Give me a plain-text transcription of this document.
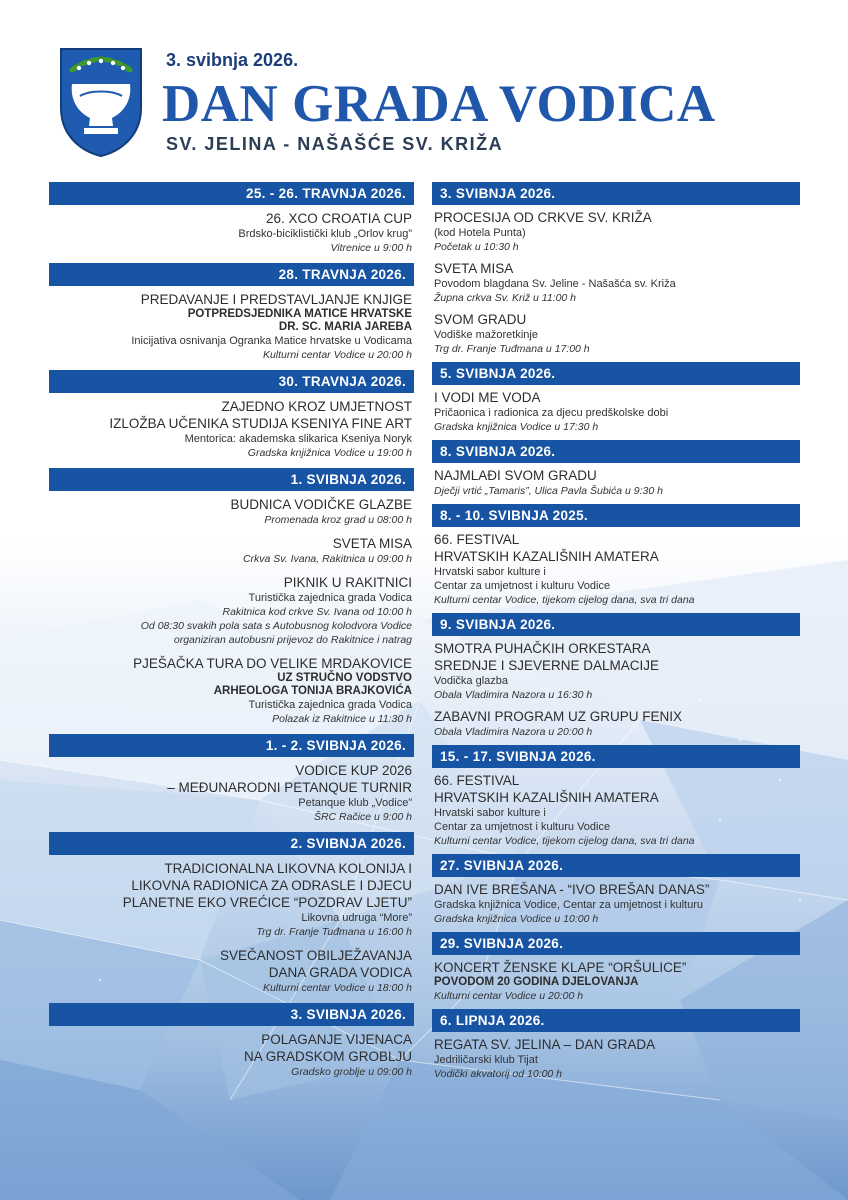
3. svibnja 2026.
DAN GRADA VODICA
SV. JELINA - NAŠAŠĆE SV. KRIŽA
25. - 26. TRAVNJA 2026.
26. XCO CROATIA CUP
Brdsko-biciklistički klub „Orlov krug”
Vitrenice u 9:00 h
28. TRAVNJA 2026.
PREDAVANJE I PREDSTAVLJANJE KNJIGE
POTPREDSJEDNIKA MATICE HRVATSKE
DR. SC. MARIA JAREBA
Inicijativa osnivanja Ogranka Matice hrvatske u Vodicama
Kulturni centar Vodice u 20:00 h
30. TRAVNJA 2026.
ZAJEDNO KROZ UMJETNOST
IZLOŽBA UČENIKA STUDIJA KSENIYA FINE ART
Mentorica: akademska slikarica Kseniya Noryk
Gradska knjižnica Vodice u 19:00 h
1. SVIBNJA 2026.
BUDNICA VODIČKE GLAZBE
Promenada kroz grad u 08:00 h
SVETA MISA
Crkva Sv. Ivana, Rakitnica u 09:00 h
PIKNIK U RAKITNICI
Turistička zajednica grada Vodica
Rakitnica kod crkve Sv. Ivana od 10:00 h
Od 08:30 svakih pola sata s Autobusnog kolodvora Vodice
organiziran autobusni prijevoz do Rakitnice i natrag
PJEŠAČKA TURA DO VELIKE MRDAKOVICE
UZ STRUČNO VODSTVO
ARHEOLOGA TONIJA BRAJKOVIĆA
Turistička zajednica grada Vodica
Polazak iz Rakitnice u 11:30 h
1. - 2. SVIBNJA 2026.
VODICE KUP 2026
– MEĐUNARODNI PETANQUE TURNIR
Petanque klub „Vodice”
ŠRC Račice u 9:00 h
2. SVIBNJA 2026.
TRADICIONALNA LIKOVNA KOLONIJA I
LIKOVNA RADIONICA ZA ODRASLE I DJECU
PLANETNE EKO VREĆICE “POZDRAV LJETU”
Likovna udruga “More”
Trg dr. Franje Tuđmana u 16:00 h
SVEČANOST OBILJEŽAVANJA
DANA GRADA VODICA
Kulturni centar Vodice u 18:00 h
3. SVIBNJA 2026.
POLAGANJE VIJENACA
NA GRADSKOM GROBLJU
Gradsko groblje u 09:00 h
3. SVIBNJA 2026.
PROCESIJA OD CRKVE SV. KRIŽA
(kod Hotela Punta)
Početak u 10:30 h
SVETA MISA
Povodom blagdana Sv. Jeline - Našašća sv. Križa
Župna crkva Sv. Križ u 11:00 h
SVOM GRADU
Vodiške mažoretkinje
Trg dr. Franje Tuđmana u 17:00 h
5. SVIBNJA 2026.
I VODI ME VODA
Pričaonica i radionica za djecu predškolske dobi
Gradska knjižnica Vodice u 17:30 h
8. SVIBNJA 2026.
NAJMLAĐI SVOM GRADU
Dječji vrtić „Tamaris”, Ulica Pavla Šubića u 9:30 h
8. - 10. SVIBNJA 2025.
66. FESTIVAL
HRVATSKIH KAZALIŠNIH AMATERA
Hrvatski sabor kulture i
Centar za umjetnost i kulturu Vodice
Kulturni centar Vodice, tijekom cijelog dana, sva tri dana
9. SVIBNJA 2026.
SMOTRA PUHAČKIH ORKESTARA
SREDNJE I SJEVERNE DALMACIJE
Vodička glazba
Obala Vladimira Nazora u 16:30 h
ZABAVNI PROGRAM UZ GRUPU FENIX
Obala Vladimira Nazora u 20:00 h
15. - 17. SVIBNJA 2026.
66. FESTIVAL
HRVATSKIH KAZALIŠNIH AMATERA
Hrvatski sabor kulture i
Centar za umjetnost i kulturu Vodice
Kulturni centar Vodice, tijekom cijelog dana, sva tri dana
27. SVIBNJA 2026.
DAN IVE BREŠANA - “IVO BREŠAN DANAS”
Gradska knjižnica Vodice, Centar za umjetnost i kulturu
Gradska knjižnica Vodice u 10:00 h
29. SVIBNJA 2026.
KONCERT ŽENSKE KLAPE “ORŠULICE”
POVODOM 20 GODINA DJELOVANJA
Kulturni centar Vodice u 20:00 h
6. LIPNJA 2026.
REGATA SV. JELINA – DAN GRADA
Jedriličarski klub Tijat
Vodički akvatorij od 10:00 h
